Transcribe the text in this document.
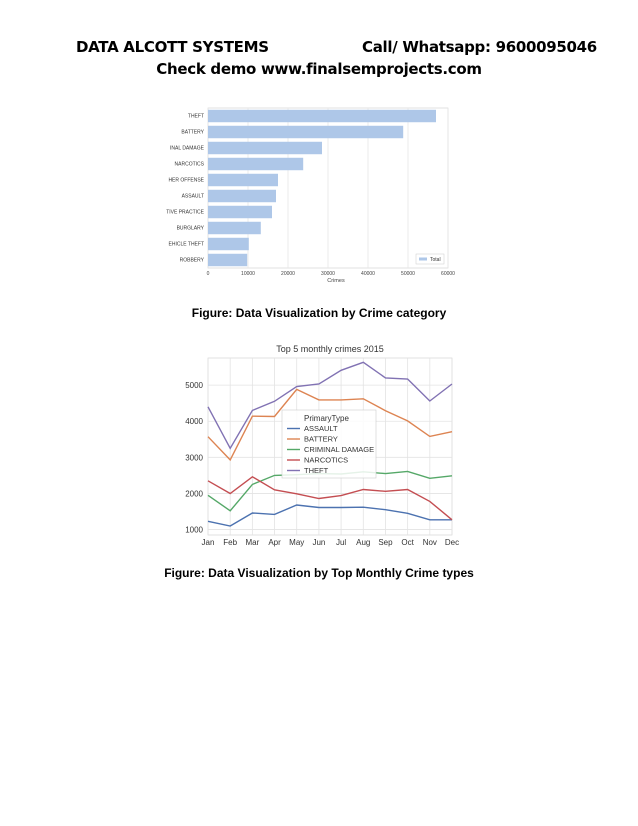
DATA ALCOTT SYSTEMS	Call/ Whatsapp: 9600095046
Check demo www.finalsemprojects.com
0	10000	20000	30000	40000	50000	60000
THEFT
BATTERY
INAL DAMAGE
NARCOTICS
HER OFFENSE
ASSAULT
TIVE PRACTICE
BURGLARY
EHICLE THEFT
ROBBERY
Crimes
Total
Figure: Data Visualization by Crime category
Top 5 monthly crimes 2015
1000
2000
3000
4000
5000
Jan Feb Mar Apr May Jun Jul Aug Sep Oct Nov Dec
PrimaryType
ASSAULT
BATTERY
CRIMINAL DAMAGE
NARCOTICS
THEFT
Figure: Data Visualization by Top Monthly Crime types
